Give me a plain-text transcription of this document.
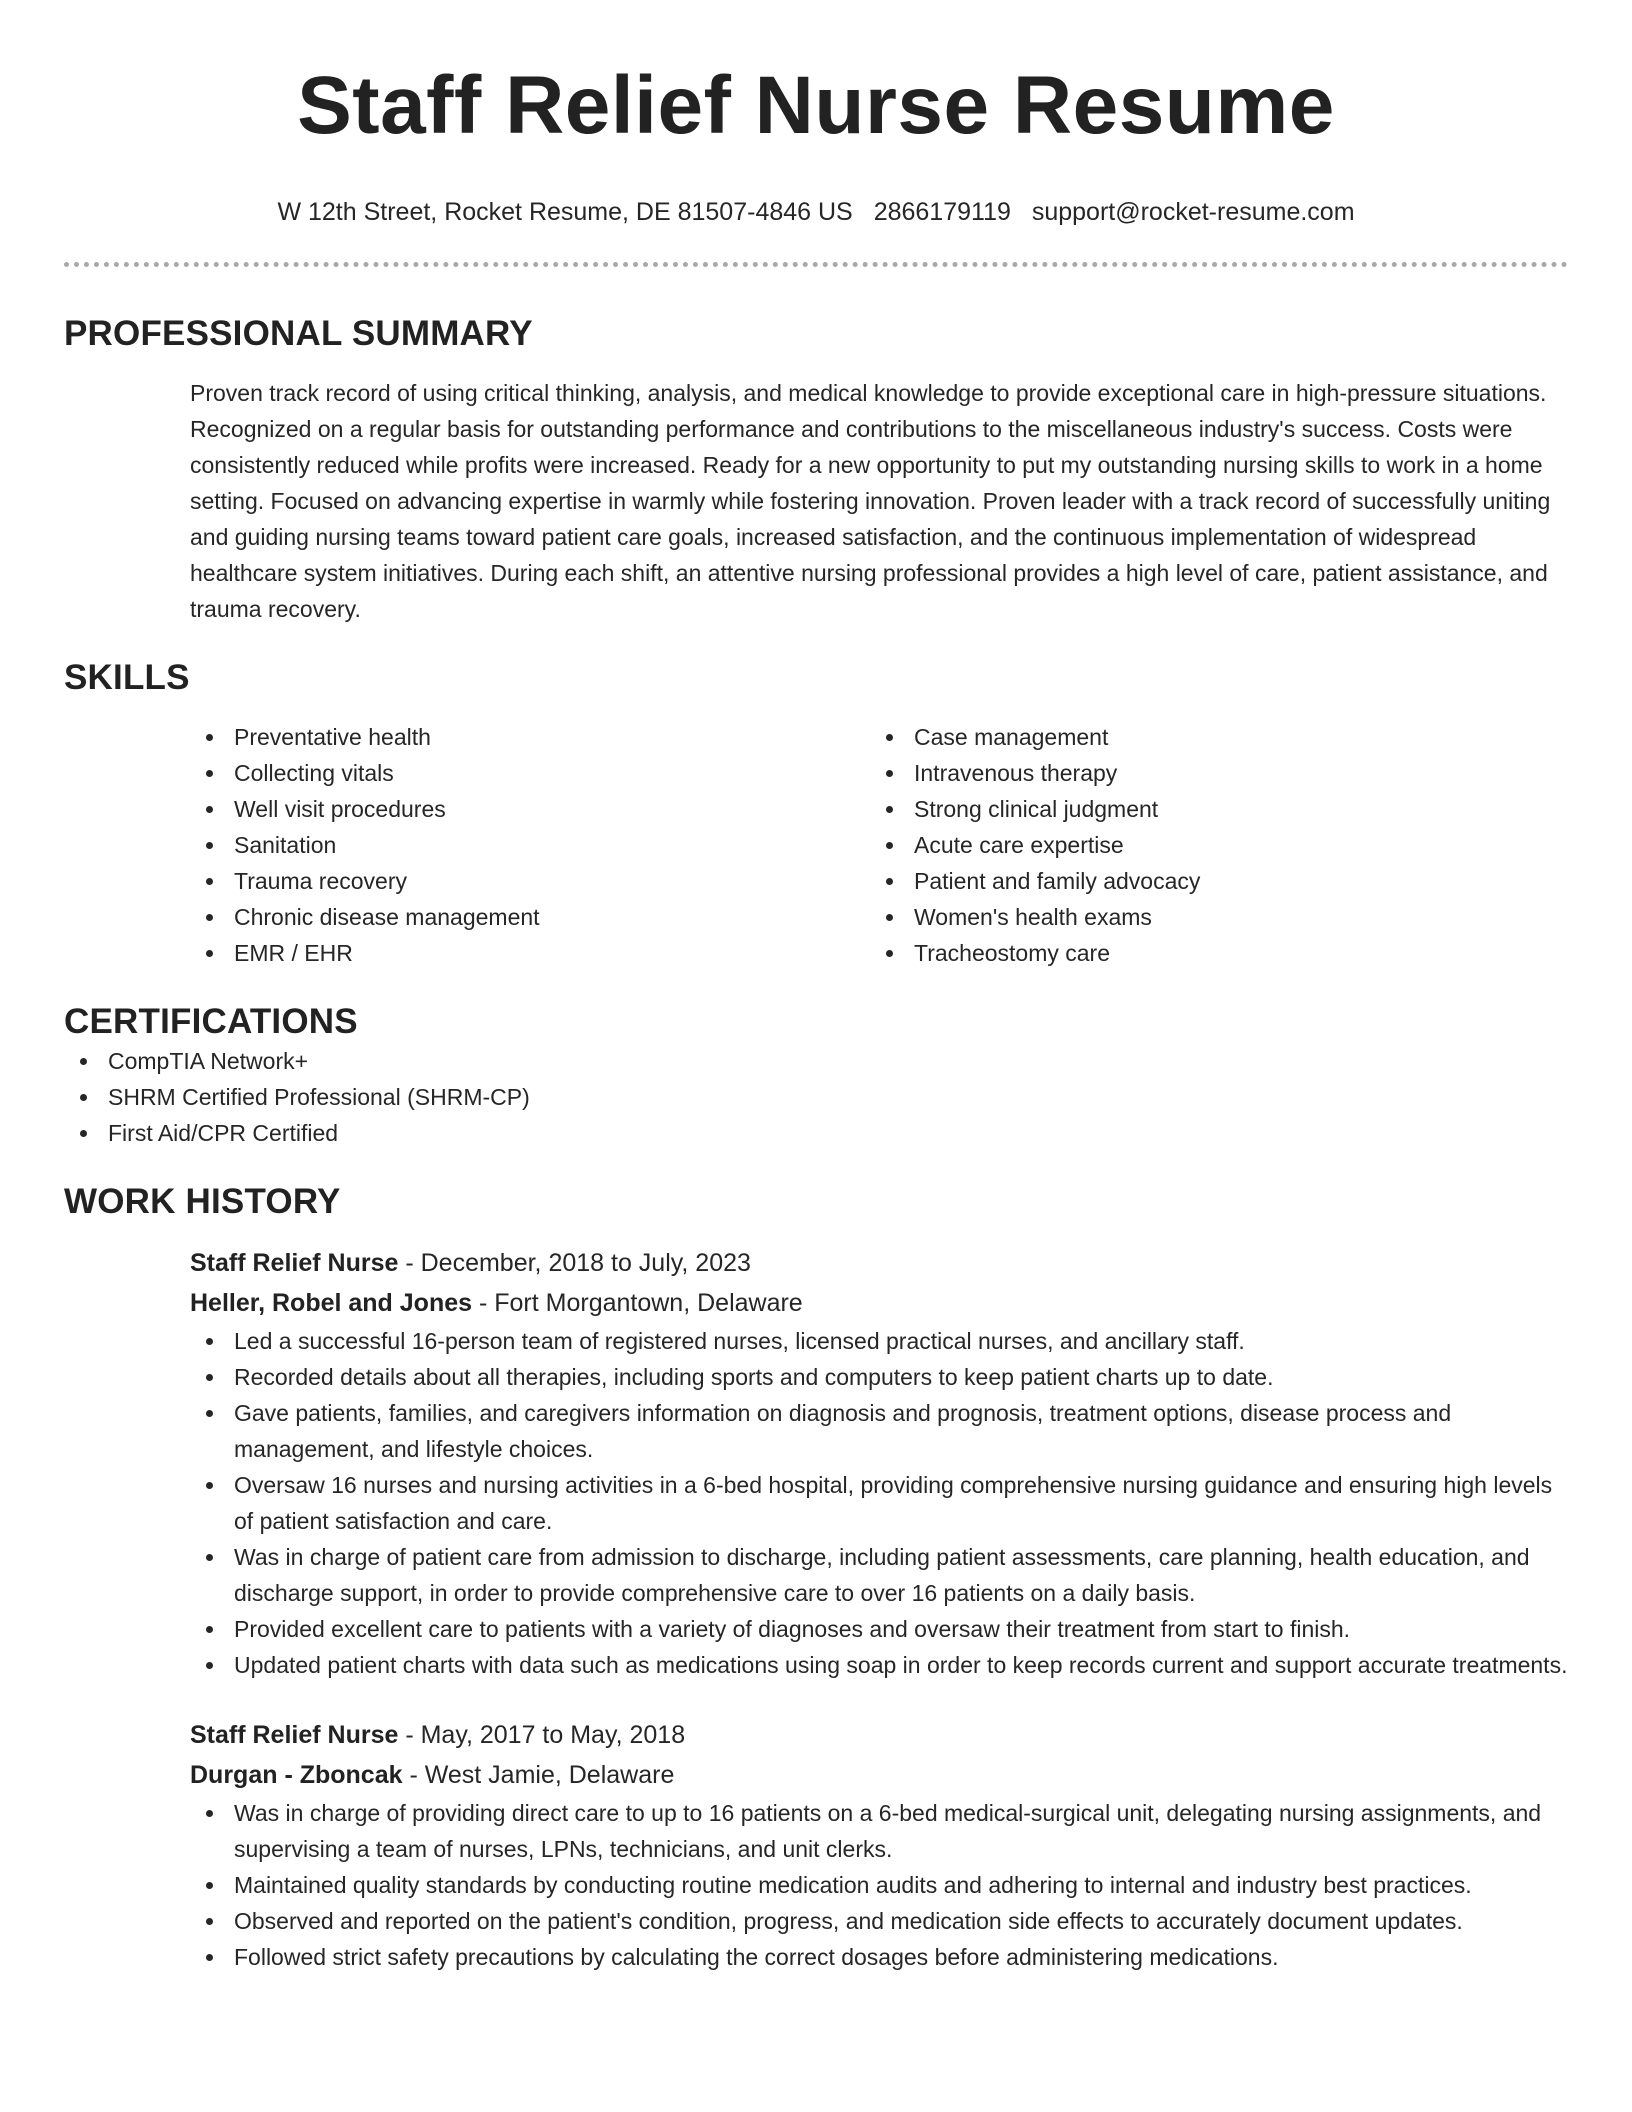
Staff Relief Nurse Resume
W 12th Street, Rocket Resume, DE 81507-4846 US 2866179119 support@rocket-resume.com
PROFESSIONAL SUMMARY

Proven track record of using critical thinking, analysis, and medical knowledge to provide exceptional care in high-pressure situations. Recognized on a regular basis for outstanding performance and contributions to the miscellaneous industry's success. Costs were consistently reduced while profits were increased. Ready for a new opportunity to put my outstanding nursing skills to work in a home setting. Focused on advancing expertise in warmly while fostering innovation. Proven leader with a track record of successfully uniting and guiding nursing teams toward patient care goals, increased satisfaction, and the continuous implementation of widespread healthcare system initiatives. During each shift, an attentive nursing professional provides a high level of care, patient assistance, and trauma recovery.

SKILLS
Preventative health
Collecting vitals
Well visit procedures
Sanitation
Trauma recovery
Chronic disease management
EMR / EHR
Case management
Intravenous therapy
Strong clinical judgment
Acute care expertise
Patient and family advocacy
Women's health exams
Tracheostomy care
CERTIFICATIONS
CompTIA Network+
SHRM Certified Professional (SHRM-CP)
First Aid/CPR Certified
WORK HISTORY
Staff Relief Nurse - December, 2018 to July, 2023
Heller, Robel and Jones - Fort Morgantown, Delaware
Led a successful 16-person team of registered nurses, licensed practical nurses, and ancillary staff.
Recorded details about all therapies, including sports and computers to keep patient charts up to date.
Gave patients, families, and caregivers information on diagnosis and prognosis, treatment options, disease process and management, and lifestyle choices.
Oversaw 16 nurses and nursing activities in a 6-bed hospital, providing comprehensive nursing guidance and ensuring high levels of patient satisfaction and care.
Was in charge of patient care from admission to discharge, including patient assessments, care planning, health education, and discharge support, in order to provide comprehensive care to over 16 patients on a daily basis.
Provided excellent care to patients with a variety of diagnoses and oversaw their treatment from start to finish.
Updated patient charts with data such as medications using soap in order to keep records current and support accurate treatments.
Staff Relief Nurse - May, 2017 to May, 2018
Durgan - Zboncak - West Jamie, Delaware
Was in charge of providing direct care to up to 16 patients on a 6-bed medical-surgical unit, delegating nursing assignments, and supervising a team of nurses, LPNs, technicians, and unit clerks.
Maintained quality standards by conducting routine medication audits and adhering to internal and industry best practices.
Observed and reported on the patient's condition, progress, and medication side effects to accurately document updates.
Followed strict safety precautions by calculating the correct dosages before administering medications.
